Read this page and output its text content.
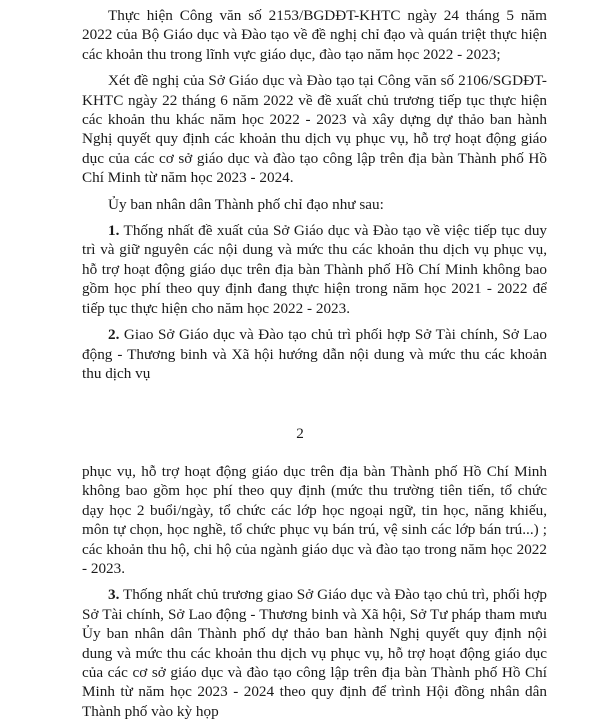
Thực hiện Công văn số 2153/BGDĐT-KHTC ngày 24 tháng 5 năm 2022 của Bộ Giáo dục và Đào tạo về đề nghị chỉ đạo và quán triệt thực hiện các khoản thu trong lĩnh vực giáo dục, đào tạo năm học 2022 - 2023;

Xét đề nghị của Sở Giáo dục và Đào tạo tại Công văn số 2106/SGDĐT-KHTC ngày 22 tháng 6 năm 2022 về đề xuất chủ trương tiếp tục thực hiện các khoản thu khác năm học 2022 - 2023 và xây dựng dự thảo ban hành Nghị quyết quy định các khoản thu dịch vụ phục vụ, hỗ trợ hoạt động giáo dục của các cơ sở giáo dục và đào tạo công lập trên địa bàn Thành phố Hồ Chí Minh từ năm học 2023 - 2024.

Ủy ban nhân dân Thành phố chỉ đạo như sau:

1. Thống nhất đề xuất của Sở Giáo dục và Đào tạo về việc tiếp tục duy trì và giữ nguyên các nội dung và mức thu các khoản thu dịch vụ phục vụ, hỗ trợ hoạt động giáo dục trên địa bàn Thành phố Hồ Chí Minh không bao gồm học phí theo quy định đang thực hiện trong năm học 2021 - 2022 để tiếp tục thực hiện cho năm học 2022 - 2023.

2. Giao Sở Giáo dục và Đào tạo chủ trì phối hợp Sở Tài chính, Sở Lao động - Thương binh và Xã hội hướng dẫn nội dung và mức thu các khoản thu dịch vụ

2

phục vụ, hỗ trợ hoạt động giáo dục trên địa bàn Thành phố Hồ Chí Minh không bao gồm học phí theo quy định (mức thu trường tiên tiến, tổ chức dạy học 2 buổi/ngày, tổ chức các lớp học ngoại ngữ, tin học, năng khiếu, môn tự chọn, học nghề, tổ chức phục vụ bán trú, vệ sinh các lớp bán trú...) ; các khoản thu hộ, chi hộ của ngành giáo dục và đào tạo trong năm học 2022 - 2023.

3. Thống nhất chủ trương giao Sở Giáo dục và Đào tạo chủ trì, phối hợp Sở Tài chính, Sở Lao động - Thương binh và Xã hội, Sở Tư pháp tham mưu Ủy ban nhân dân Thành phố dự thảo ban hành Nghị quyết quy định nội dung và mức thu các khoản thu dịch vụ phục vụ, hỗ trợ hoạt động giáo dục của các cơ sở giáo dục và đào tạo công lập trên địa bàn Thành phố Hồ Chí Minh từ năm học 2023 - 2024 theo quy định để trình Hội đồng nhân dân Thành phố vào kỳ họp
